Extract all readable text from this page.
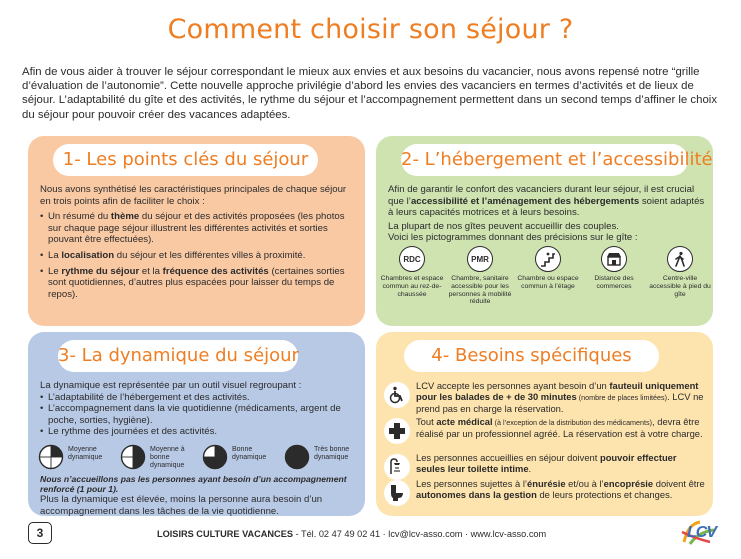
Comment choisir son séjour ?

Afin de vous aider à trouver le séjour correspondant le mieux aux envies et aux besoins du vacancier, nous avons repensé notre “grille d’évaluation de l’autonomie”. Cette nouvelle approche privilégie d’abord les envies des vacanciers en termes d’activités et de lieux de séjour. L’adaptabilité du gîte et des activités, le rythme du séjour et l’accompagnement permettent dans un second temps d’affiner le choix du séjour pour pouvoir créer des vacances adaptées.

1- Les points clés du séjour

Nous avons synthétisé les caractéristiques principales de chaque séjour en trois points afin de faciliter le choix :

• Un résumé du thème du séjour et des activités proposées (les photos sur chaque page séjour illustrent les différentes activités et sorties pouvant être effectuées).
• La localisation du séjour et les différentes villes à proximité.
• Le rythme du séjour et la fréquence des activités (certaines sorties sont quotidiennes, d’autres plus espacées pour laisser du temps de repos).
2- L’hébergement et l’accessibilité

Afin de garantir le confort des vacanciers durant leur séjour, il est crucial que l’accessibilité et l’aménagement des hébergements soient adaptés à leurs capacités motrices et à leurs besoins.

La plupart de nos gîtes peuvent accueillir des couples.

Voici les pictogrammes donnant des précisions sur le gîte :

RDC
Chambres et espace commun au rez-de-chaussée
PMR
Chambre, sanitaire accessible pour les personnes à mobilité réduite
Chambre ou espace commun à l’étage
Distance des commerces
Centre-ville accessible à pied du gîte
3- La dynamique du séjour

La dynamique est représentée par un outil visuel regroupant :

• L’adaptabilité de l’hébergement et des activités.
• L’accompagnement dans la vie quotidienne (médicaments, argent de poche, sorties, hygiène).
• Le rythme des journées et des activités.
Moyenne dynamique
Moyenne à bonne dynamique
Bonne dynamique
Très bonne dynamique
Nous n’accueillons pas les personnes ayant besoin d’un accompagnement renforcé (1 pour 1).
Plus la dynamique est élevée, moins la personne aura besoin d’un accompagnement dans les tâches de la vie quotidienne.
4- Besoins spécifiques
LCV accepte les personnes ayant besoin d’un fauteuil uniquement pour les balades de + de 30 minutes (nombre de places limitées). LCV ne prend pas en charge la réservation.
Tout acte médical (à l’exception de la distribution des médicaments), devra être réalisé par un professionnel agréé. La réservation est à votre charge.
Les personnes accueillies en séjour doivent pouvoir effectuer seules leur toilette intime.
Les personnes sujettes à l’énurésie et/ou à l’encoprésie doivent être autonomes dans la gestion de leurs protections et changes.
3	LOISIRS CULTURE VACANCES - Tél. 02 47 49 02 41 · lcv@lcv-asso.com · www.lcv-asso.com	LCV
